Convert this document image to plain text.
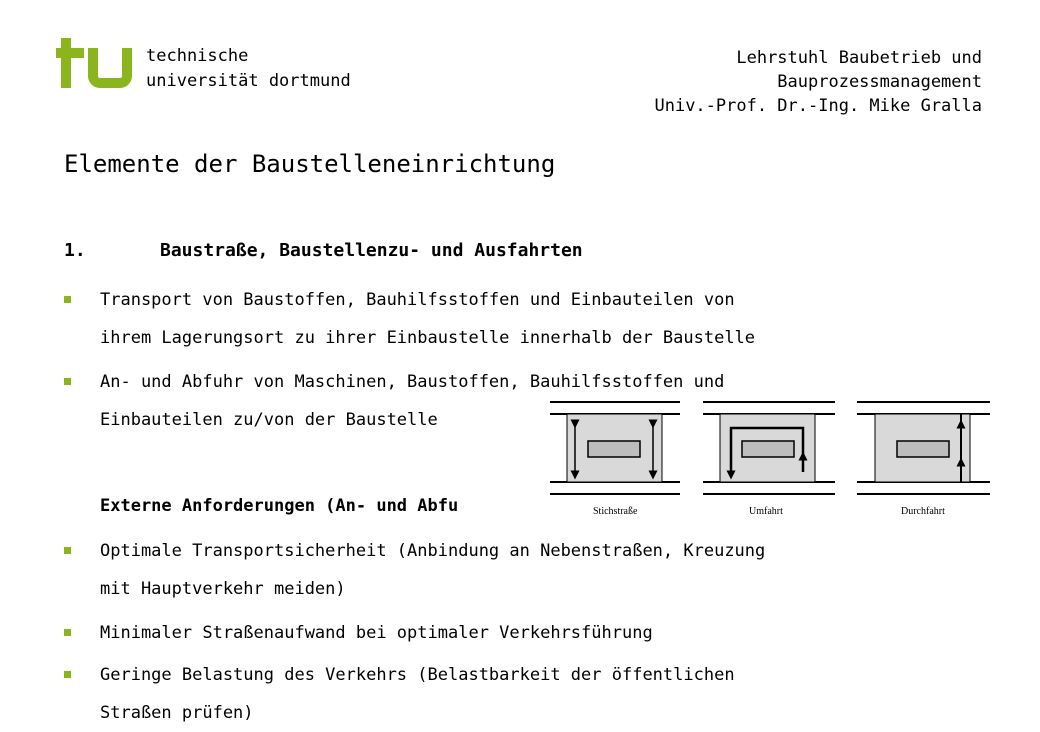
technische
universität dortmund
Lehrstuhl Baubetrieb und
Bauprozessmanagement
Univ.-Prof. Dr.-Ing. Mike Gralla
Elemente der Baustelleneinrichtung
1.	Baustraße, Baustellenzu- und Ausfahrten
Transport von Baustoffen, Bauhilfsstoffen und Einbauteilen von
ihrem Lagerungsort zu ihrer Einbaustelle innerhalb der Baustelle
An- und Abfuhr von Maschinen, Baustoffen, Bauhilfsstoffen und
Einbauteilen zu/von der Baustelle
Externe Anforderungen (An- und Abfu
Optimale Transportsicherheit (Anbindung an Nebenstraßen, Kreuzung
mit Hauptverkehr meiden)
Minimaler Straßenaufwand bei optimaler Verkehrsführung
Geringe Belastung des Verkehrs (Belastbarkeit der öffentlichen
Straßen prüfen)
Stichstraße	Umfahrt	Durchfahrt
